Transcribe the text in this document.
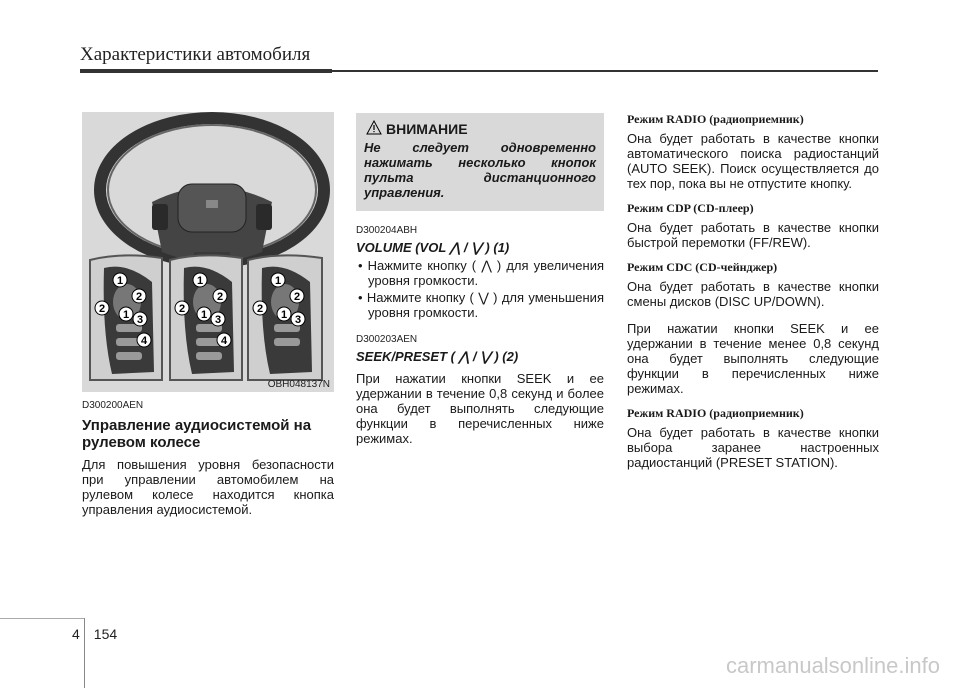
Характеристики автомобиля
1
2
2 1 3
4
1
2
2 1 3
4
1
2
2 1 3
OBH048137N
D300200AEN
Управление аудиосистемой на рулевом колесе
Для повышения уровня безопасности при управлении автомобилем на рулевом колесе находится кнопка управления аудиосистемой.
ВНИМАНИЕ
Не следует одновременно нажимать несколько кнопок пульта дистанционного
управления.
D300204ABH
VOLUME (VOL ⋀ / ⋁ ) (1)
• Нажмите кнопку ( ⋀ ) для увеличения уровня громкости.
• Нажмите кнопку ( ⋁ ) для уменьшения уровня громкости.
D300203AEN
SEEK/PRESET ( ⋀ / ⋁ ) (2)
При нажатии кнопки SEEK и ее удержании в течение 0,8 секунд и более она будет выполнять следующие функции в перечисленных ниже режимах.
Режим RADIO (радиоприемник)
Она будет работать в качестве кнопки автоматического поиска радиостанций (AUTO SEEK). Поиск осуществляется до тех пор, пока вы не отпустите кнопку.
Режим CDP (CD-плеер)
Она будет работать в качестве кнопки быстрой перемотки (FF/REW).
Режим CDC (CD-чейнджер)
Она будет работать в качестве кнопки смены дисков (DISC UP/DOWN).
При нажатии кнопки SEEK и ее удержании в течение менее 0,8 секунд она будет выполнять следующие функции в перечисленных ниже режимах.
Режим RADIO (радиоприемник)
Она будет работать в качестве кнопки выбора заранее настроенных радиостанций (PRESET STATION).
4 154
carmanualsonline.info
